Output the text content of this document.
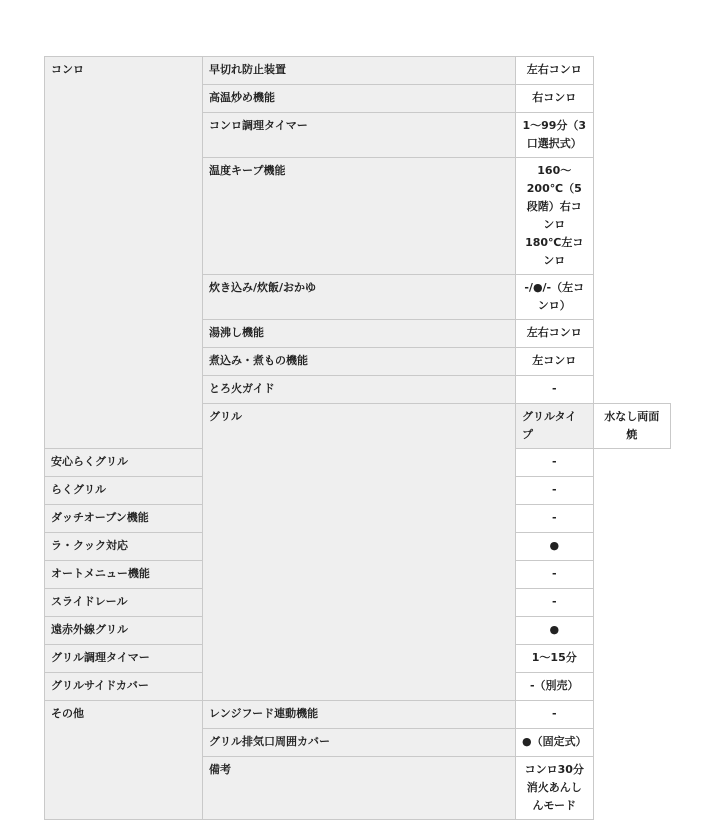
コンロ	早切れ防止装置	左右コンロ	
	高温炒め機能	右コンロ	
	コンロ調理タイマー	1〜99分（3口選択式）	
	温度キープ機能	160〜200℃（5段階）右コンロ　180℃左コンロ	
	炊き込み/炊飯/おかゆ	-/●/-（左コンロ）	
	湯沸し機能	左右コンロ	
	煮込み・煮もの機能	左コンロ	
	とろ火ガイド	-	
	グリル	グリルタイプ	水なし両面焼
安心らくグリル		-	
らくグリル		-	
ダッチオーブン機能		-	
ラ・クック対応		●	
オートメニュー機能		-	
スライドレール		-	
遠赤外線グリル		●	
グリル調理タイマー		1〜15分	
グリルサイドカバー		-（別売）	
その他	レンジフード連動機能	-	
	グリル排気口周囲カバー	●（固定式）	
	備考	コンロ30分消火あんしんモード	
